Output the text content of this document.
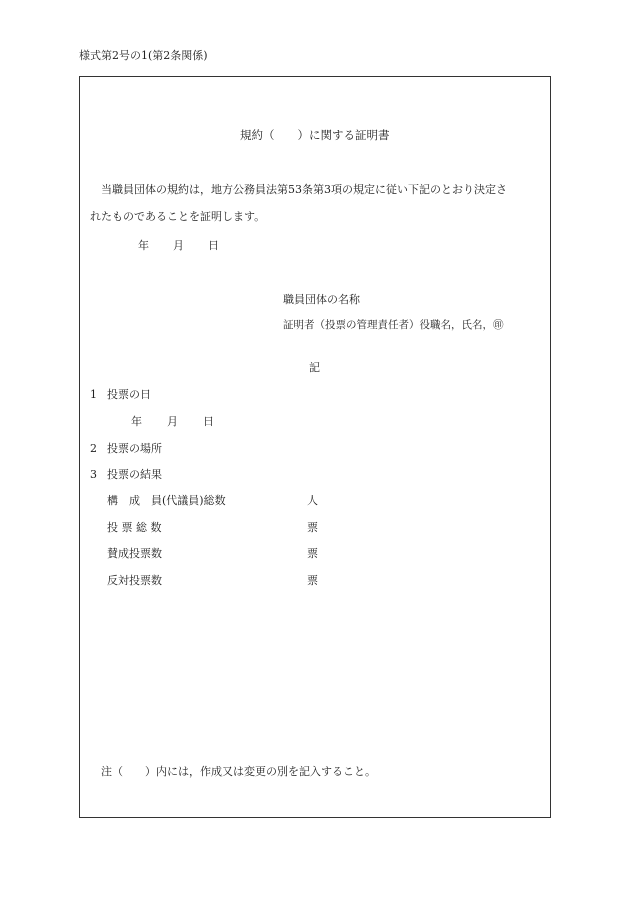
様式第2号の1(第2条関係)
規約（　　）に関する証明書
当職員団体の規約は，地方公務員法第53条第3項の規定に従い下記のとおり決定さ
れたものであることを証明します。
年 月 日
職員団体の名称
証明者（投票の管理責任者）役職名，氏名，㊞
記
1 投票の日
年 月 日
2 投票の場所
3 投票の結果
構　成　員(代議員)総数	人
投 票 総 数	票
賛成投票数	票
反対投票数	票
注（　　）内には，作成又は変更の別を記入すること。
